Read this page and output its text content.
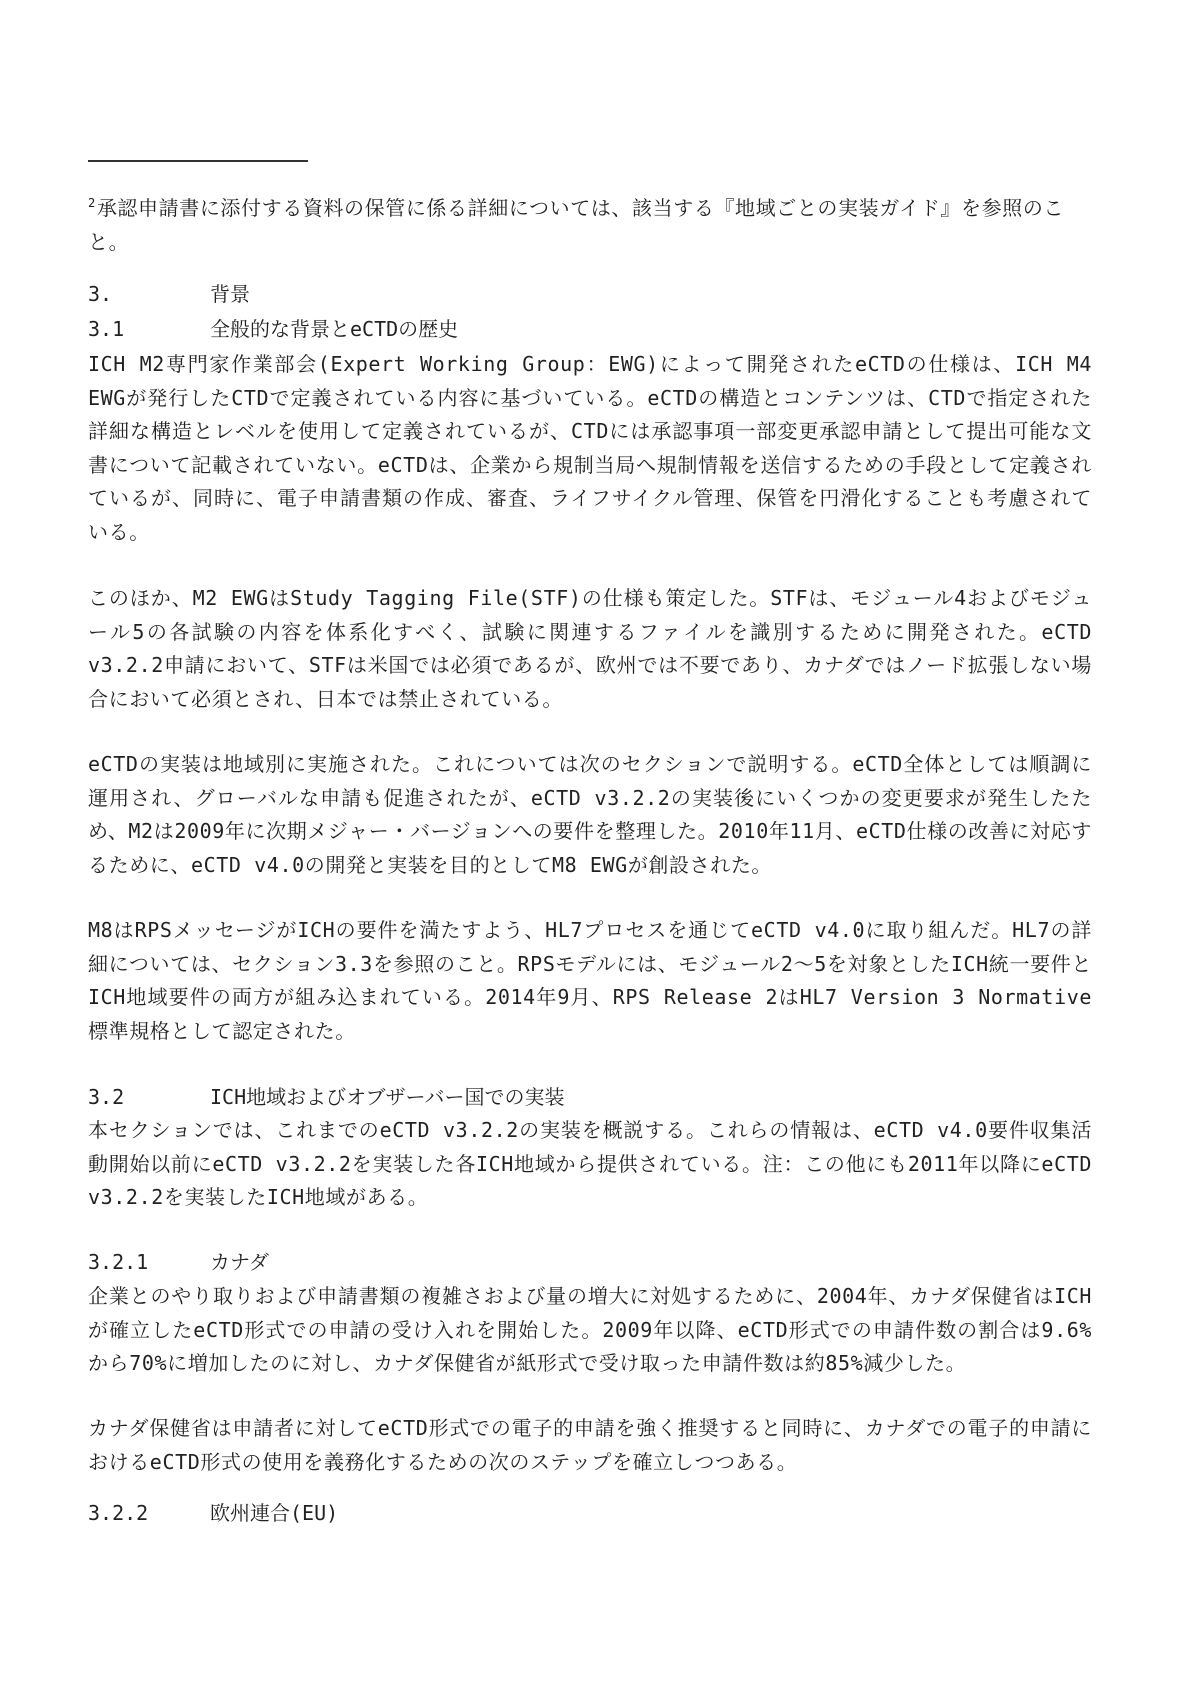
$^2$承認申請書に添付する資料の保管に係る詳細については、該当する『地域ごとの実装ガイド』を参照のこと。
3.	背景
3.1	全般的な背景とeCTDの歴史
ICH M2専門家作業部会(Expert Working Group：EWG)によって開発されたeCTDの仕様は、ICH M4 EWGが発行したCTDで定義されている内容に基づいている。eCTDの構造とコンテンツは、CTDで指定された詳細な構造とレベルを使用して定義されているが、CTDには承認事項一部変更承認申請として提出可能な文書について記載されていない。eCTDは、企業から規制当局へ規制情報を送信するための手段として定義されているが、同時に、電子申請書類の作成、審査、ライフサイクル管理、保管を円滑化することも考慮されている。
このほか、M2 EWGはStudy Tagging File(STF)の仕様も策定した。STFは、モジュール4およびモジュール5の各試験の内容を体系化すべく、試験に関連するファイルを識別するために開発された。eCTD v3.2.2申請において、STFは米国では必須であるが、欧州では不要であり、カナダではノード拡張しない場合において必須とされ、日本では禁止されている。
eCTDの実装は地域別に実施された。これについては次のセクションで説明する。eCTD全体としては順調に運用され、グローバルな申請も促進されたが、eCTD v3.2.2の実装後にいくつかの変更要求が発生したため、M2は2009年に次期メジャー・バージョンへの要件を整理した。2010年11月、eCTD仕様の改善に対応するために、eCTD v4.0の開発と実装を目的としてM8 EWGが創設された。
M8はRPSメッセージがICHの要件を満たすよう、HL7プロセスを通じてeCTD v4.0に取り組んだ。HL7の詳細については、セクション3.3を参照のこと。RPSモデルには、モジュール2～5を対象としたICH統一要件とICH地域要件の両方が組み込まれている。2014年9月、RPS Release 2はHL7 Version 3 Normative標準規格として認定された。
3.2	ICH地域およびオブザーバー国での実装
本セクションでは、これまでのeCTD v3.2.2の実装を概説する。これらの情報は、eCTD v4.0要件収集活動開始以前にeCTD v3.2.2を実装した各ICH地域から提供されている。注：この他にも2011年以降にeCTD v3.2.2を実装したICH地域がある。
3.2.1	カナダ
企業とのやり取りおよび申請書類の複雑さおよび量の増大に対処するために、2004年、カナダ保健省はICHが確立したeCTD形式での申請の受け入れを開始した。2009年以降、eCTD形式での申請件数の割合は9.6%から70%に増加したのに対し、カナダ保健省が紙形式で受け取った申請件数は約85%減少した。
カナダ保健省は申請者に対してeCTD形式での電子的申請を強く推奨すると同時に、カナダでの電子的申請におけるeCTD形式の使用を義務化するための次のステップを確立しつつある。
3.2.2	欧州連合(EU)
